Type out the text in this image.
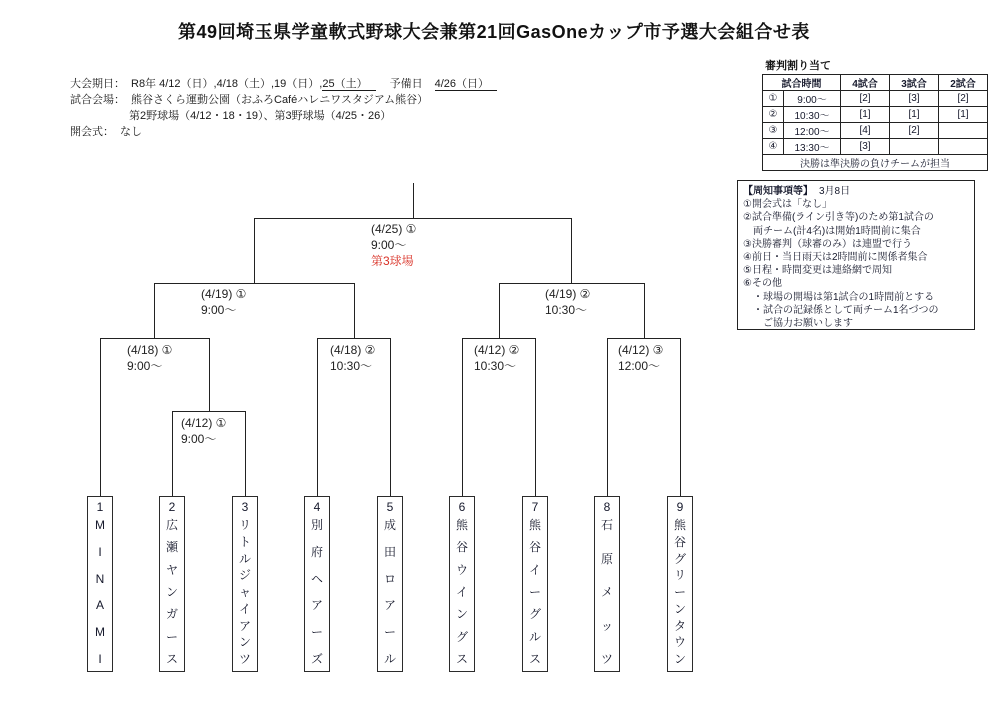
第49回埼玉県学童軟式野球大会兼第21回GasOneカップ市予選大会組合せ表
大会期日： R8年 4/12（日）,4/18（土）,19（日）,25（土） 予備日 4/26（日）
試合会場： 熊谷さくら運動公園（おふろCaféハレニワスタジアム熊谷）
第2野球場（4/12・18・19）、第3野球場（4/25・26）
開会式： なし
審判割り当て
試合時間		4試合	3試合	2試合
①	9:00～	[2]	[3]	[2]
②	10:30～	[1]	[1]	[1]
③	12:00～	[4]	[2]	
④	13:30～	[3]		
決勝は準決勝の負けチームが担当				
【周知事項等】 3月8日
①開会式は「なし」
②試合準備(ライン引き等)のため第1試合の
　両チーム(計4名)は開始1時間前に集合
③決勝審判（球審のみ）は連盟で行う
④前日・当日雨天は2時間前に関係者集合
⑤日程・時間変更は連絡網で周知
⑥その他
　・球場の開場は第1試合の1時間前とする
　・試合の記録係として両チーム1名づつの
　　ご協力お願いします
(4/25) ①
9:00～
第3球場
(4/19) ①
9:00～
(4/19) ②
10:30～
(4/18) ①
9:00～
(4/18) ②
10:30～
(4/12) ②
10:30～
(4/12) ③
12:00～
(4/12) ①
9:00～
1
M
I
N
A
M
I
2
広
瀬
ヤ
ン
ガ
ー
ス
3
リ
ト
ル
ジ
ャ
イ
ア
ン
ツ
4
別
府
ヘ
ア
ー
ズ
5
成
田
ロ
ア
ー
ル
6
熊
谷
ウ
イ
ン
グ
ス
7
熊
谷
イ
ー
グ
ル
ス
8
石
原
メ
ッ
ツ
9
熊
谷
グ
リ
ー
ン
タ
ウ
ン
